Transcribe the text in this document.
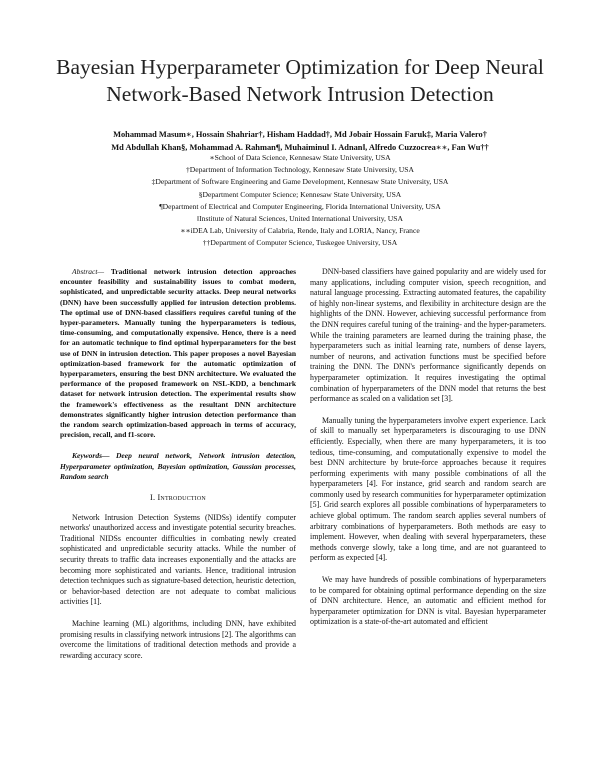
Bayesian Hyperparameter Optimization for Deep Neural Network-Based Network Intrusion Detection
Mohammad Masum∗, Hossain Shahriar†, Hisham Haddad†, Md Jobair Hossain Faruk‡, Maria Valero†
Md Abdullah Khan§, Mohammad A. Rahman¶, Muhaiminul I. Adnan‖, Alfredo Cuzzocrea∗∗, Fan Wu††
∗School of Data Science, Kennesaw State University, USA
†Department of Information Technology, Kennesaw State University, USA
‡Department of Software Engineering and Game Development, Kennesaw State University, USA
§Department Computer Science; Kennesaw State University, USA
¶Department of Electrical and Computer Engineering, Florida International University, USA
‖Institute of Natural Sciences, United International University, USA
∗∗iDEA Lab, University of Calabria, Rende, Italy and LORIA, Nancy, France
††Department of Computer Science, Tuskegee University, USA

Abstract— Traditional network intrusion detection approaches encounter feasibility and sustainability issues to combat modern, sophisticated, and unpredictable security attacks. Deep neural networks (DNN) have been successfully applied for intrusion detection problems. The optimal use of DNN-based classifiers requires careful tuning of the hyper-parameters. Manually tuning the hyperparameters is tedious, time-consuming, and computationally expensive. Hence, there is a need for an automatic technique to find optimal hyperparameters for the best use of DNN in intrusion detection. This paper proposes a novel Bayesian optimization-based framework for the automatic optimization of hyperparameters, ensuring the best DNN architecture. We evaluated the performance of the proposed framework on NSL-KDD, a benchmark dataset for network intrusion detection. The experimental results show the framework's effectiveness as the resultant DNN architecture demonstrates significantly higher intrusion detection performance than the random search optimization-based approach in terms of accuracy, precision, recall, and f1-score.

Keywords— Deep neural network, Network intrusion detection, Hyperparameter optimization, Bayesian optimization, Gaussian processes, Random search

I. Introduction

Network Intrusion Detection Systems (NIDSs) identify computer networks' unauthorized access and investigate potential security breaches. Traditional NIDSs encounter difficulties in combating newly created sophisticated and unpredictable security attacks. While the number of security threats to traffic data increases exponentially and the attacks are becoming more sophisticated and variants. Hence, traditional intrusion detection techniques such as signature-based detection, heuristic detection, or behavior-based detection are not adequate to combat malicious activities [1].

Machine learning (ML) algorithms, including DNN, have exhibited promising results in classifying network intrusions [2]. The algorithms can overcome the limitations of traditional detection methods and provide a rewarding accuracy score.

DNN-based classifiers have gained popularity and are widely used for many applications, including computer vision, speech recognition, and natural language processing. Extracting automated features, the capability of highly non-linear systems, and flexibility in architecture design are the highlights of the DNN. However, achieving successful performance from the DNN requires careful tuning of the training- and the hyper-parameters. While the training parameters are learned during the training phase, the hyperparameters such as initial learning rate, numbers of dense layers, number of neurons, and activation functions must be specified before training the DNN. The DNN's performance significantly depends on hyperparameter optimization. It requires investigating the optimal combination of hyperparameters of the DNN model that returns the best performance as scaled on a validation set [3].

Manually tuning the hyperparameters involve expert experience. Lack of skill to manually set hyperparameters is discouraging to use DNN efficiently. Especially, when there are many hyperparameters, it is too tedious, time-consuming, and computationally expensive to model the best DNN architecture by brute-force approaches because it requires performing experiments with many possible combinations of all the hyperparameters [4]. For instance, grid search and random search are commonly used by research communities for hyperparameter optimization [5]. Grid search explores all possible combinations of hyperparameters to achieve global optimum. The random search applies several numbers of arbitrary combinations of hyperparameters. Both methods are easy to implement. However, when dealing with several hyperparameters, these methods converge slowly, take a long time, and are not guaranteed to perform as expected [4].

We may have hundreds of possible combinations of hyperparameters to be compared for obtaining optimal performance depending on the size of DNN architecture. Hence, an automatic and efficient method for hyperparameter optimization for DNN is vital. Bayesian hyperparameter optimization is a state-of-the-art automated and efficient
